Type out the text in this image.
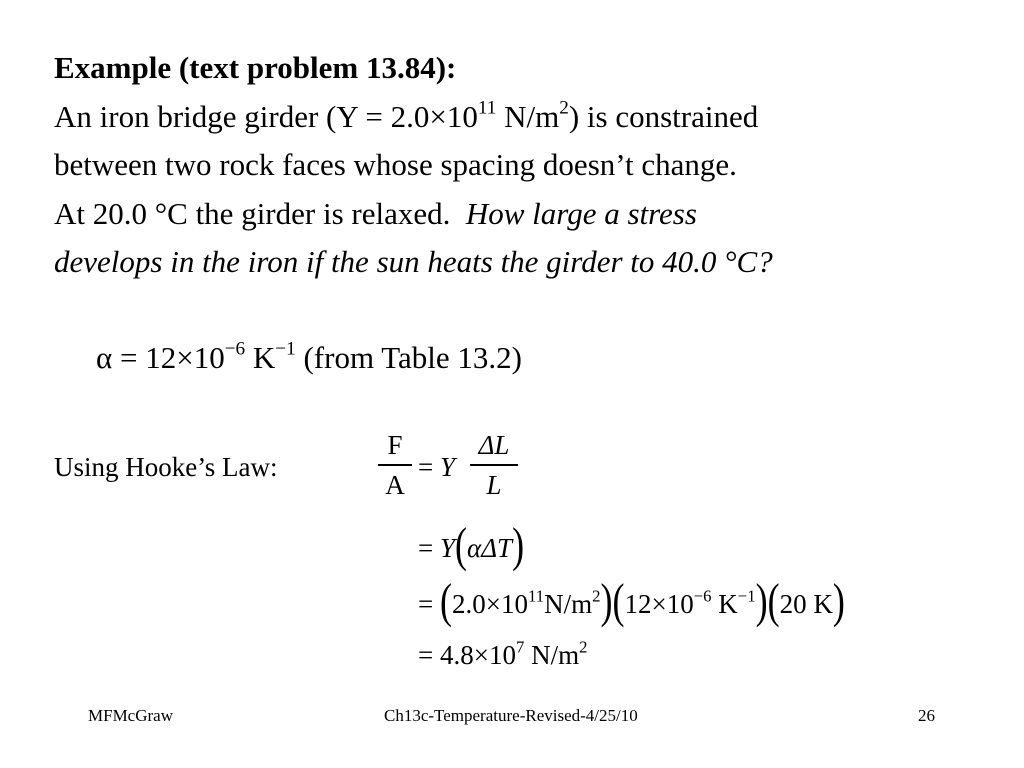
Example (text problem 13.84):
An iron bridge girder ($Y = 2.0\times 10^{11}$ $N/m^2$) is constrained
between two rock faces whose spacing doesn’t change.
At 20.0 °C the girder is relaxed. How large a stress
develops in the iron if the sun heats the girder to 40.0 °C?
$\alpha = 12\times 10^{-6}$ $K^{-1}$ (from Table 13.2)
Using Hooke’s Law:
F
A
= Y
ΔL
L
= Y(αΔT)
= $(2.0\times 10^{11}N/m^2)(12\times 10^{-6}$ $K^{-1})(20$ K)
= $4.8\times 10^7$ $N/m^2$
MFMcGraw	Ch13c-Temperature-Revised-4/25/10	26
